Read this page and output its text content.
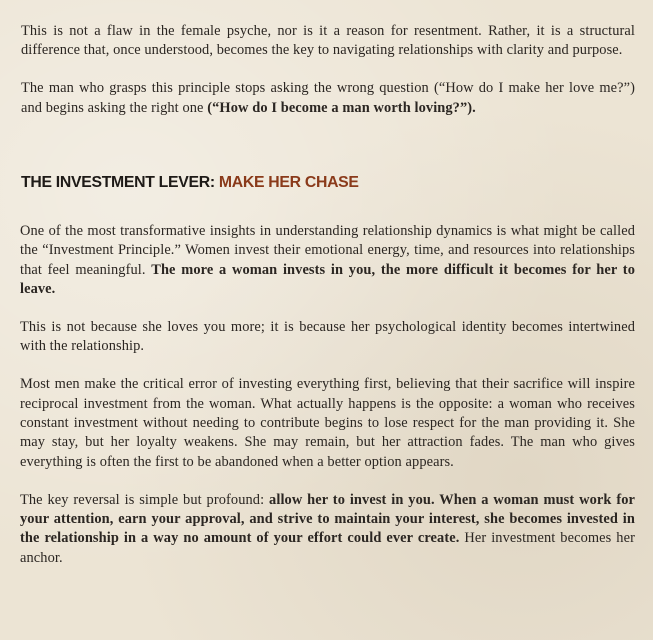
This is not a flaw in the female psyche, nor is it a reason for resentment. Rather, it is a structural difference that, once understood, becomes the key to navigating relationships with clarity and purpose.

The man who grasps this principle stops asking the wrong question (“How do I make her love me?”) and begins asking the right one (“How do I become a man worth loving?”).

THE INVESTMENT LEVER: MAKE HER CHASE

One of the most transformative insights in understanding relationship dynamics is what might be called the “Investment Principle.” Women invest their emotional energy, time, and resources into relationships that feel meaningful. The more a woman invests in you, the more difficult it becomes for her to leave.

This is not because she loves you more; it is because her psychological identity becomes intertwined with the relationship.

Most men make the critical error of investing everything first, believing that their sacrifice will inspire reciprocal investment from the woman. What actually happens is the opposite: a woman who receives constant investment without needing to contribute begins to lose respect for the man providing it. She may stay, but her loyalty weakens. She may remain, but her attraction fades. The man who gives everything is often the first to be abandoned when a better option appears.

The key reversal is simple but profound: allow her to invest in you. When a woman must work for your attention, earn your approval, and strive to maintain your interest, she becomes invested in the relationship in a way no amount of your effort could ever create. Her investment becomes her anchor.
